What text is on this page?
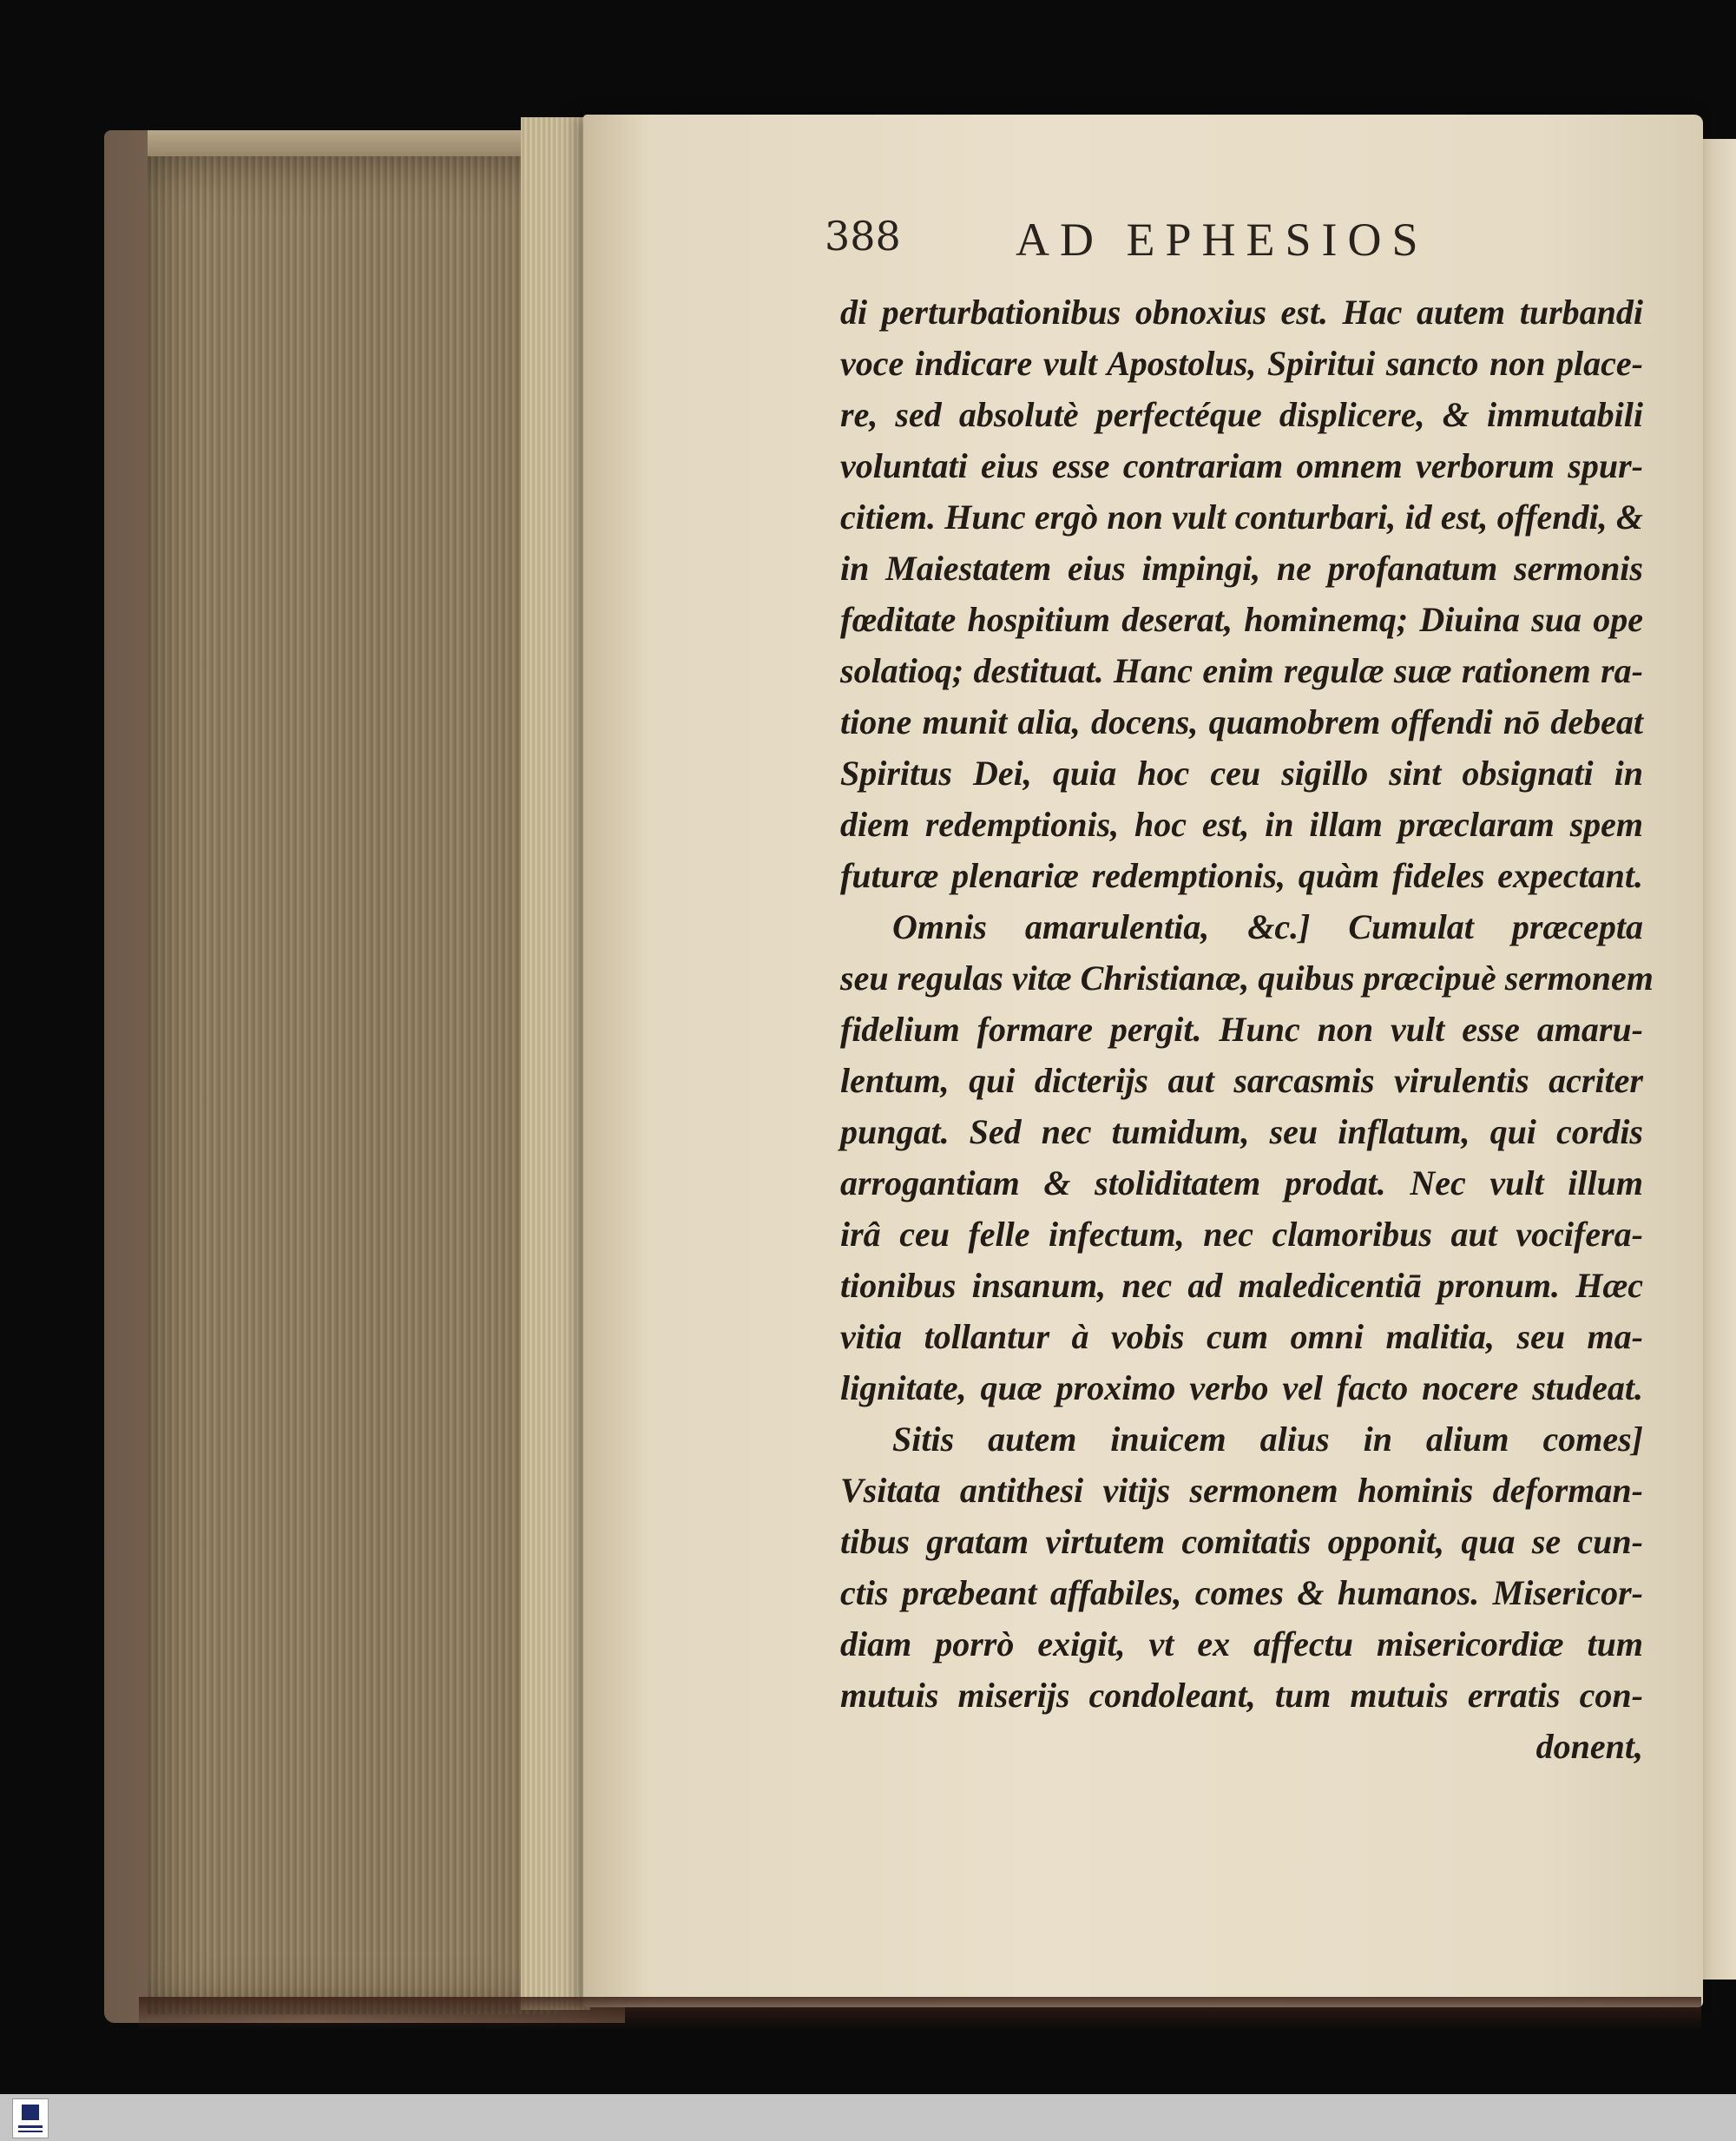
388 AD EPHESIOS
di perturbationibus obnoxius est. Hac autem turbandi
voce indicare vult Apostolus, Spiritui sancto non place-
re, sed absolutè perfectéque displicere, & immutabili
voluntati eius esse contrariam omnem verborum spur-
citiem. Hunc ergò non vult conturbari, id est, offendi, &
in Maiestatem eius impingi, ne profanatum sermonis
fœditate hospitium deserat, hominemq; Diuina sua ope
solatioq; destituat. Hanc enim regulæ suæ rationem ra-
tione munit alia, docens, quamobrem offendi nō debeat
Spiritus Dei, quia hoc ceu sigillo sint obsignati in
diem redemptionis, hoc est, in illam præclaram spem
futuræ plenariæ redemptionis, quàm fideles expectant.
Omnis amarulentia, &c.] Cumulat præcepta
seu regulas vitæ Christianæ, quibus præcipuè sermonem
fidelium formare pergit. Hunc non vult esse amaru-
lentum, qui dicterijs aut sarcasmis virulentis acriter
pungat. Sed nec tumidum, seu inflatum, qui cordis
arrogantiam & stoliditatem prodat. Nec vult illum
irâ ceu felle infectum, nec clamoribus aut vocifera-
tionibus insanum, nec ad maledicentiā pronum. Hæc
vitia tollantur à vobis cum omni malitia, seu ma-
lignitate, quæ proximo verbo vel facto nocere studeat.
Sitis autem inuicem alius in alium comes]
Vsitata antithesi vitijs sermonem hominis deforman-
tibus gratam virtutem comitatis opponit, qua se cun-
ctis præbeant affabiles, comes & humanos. Misericor-
diam porrò exigit, vt ex affectu misericordiæ tum
mutuis miserijs condoleant, tum mutuis erratis con-
donent,
